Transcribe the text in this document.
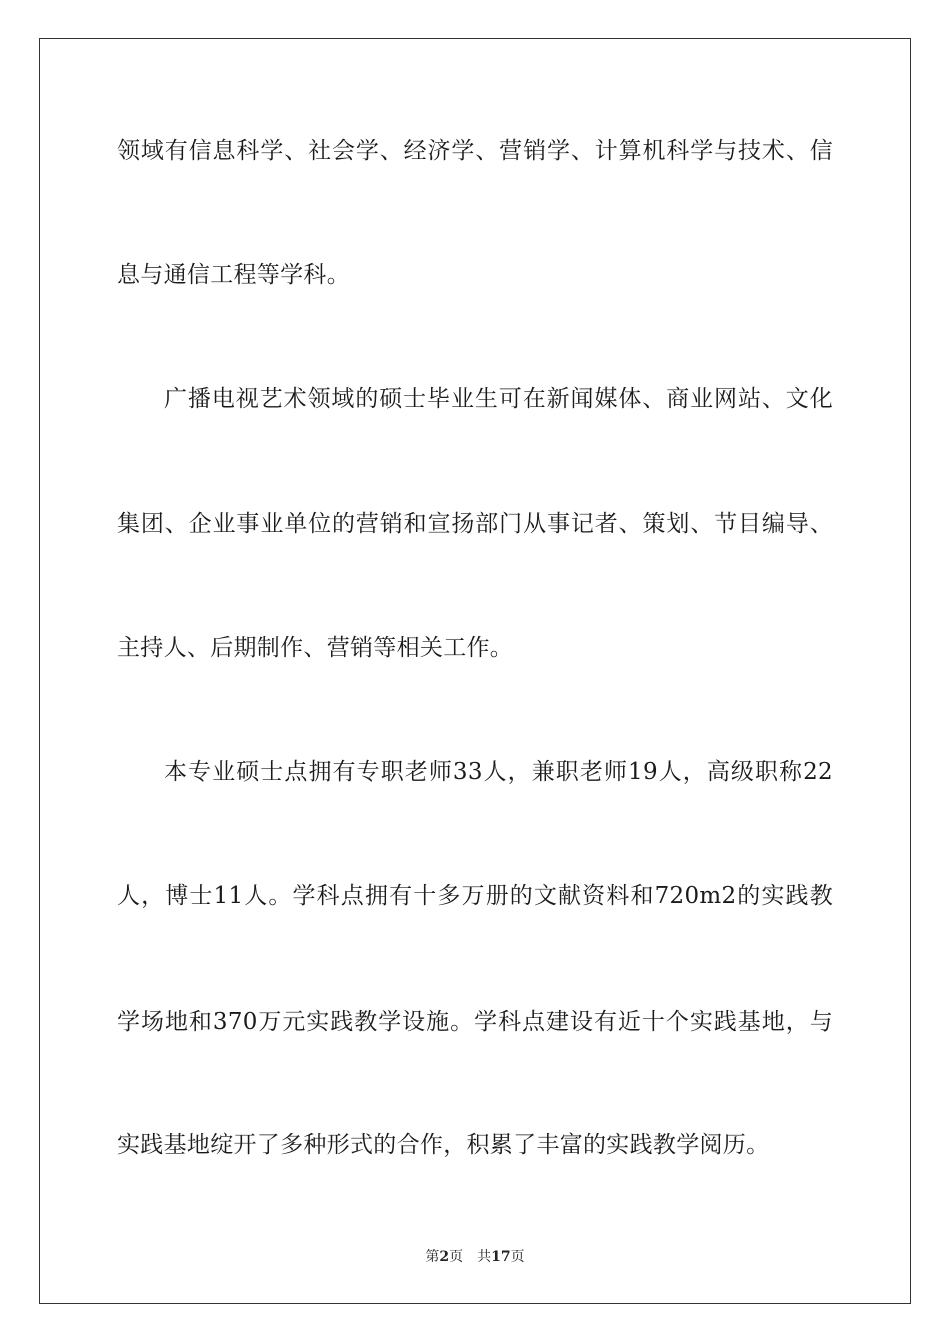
领域有信息科学、社会学、经济学、营销学、计算机科学与技术、信
息与通信工程等学科。
广播电视艺术领域的硕士毕业生可在新闻媒体、商业网站、文化
集团、企业事业单位的营销和宣扬部门从事记者、策划、节目编导、
主持人、后期制作、营销等相关工作。
本专业硕士点拥有专职老师33人，兼职老师19人，高级职称22
人，博士11人。学科点拥有十多万册的文献资料和720m2的实践教
学场地和370万元实践教学设施。学科点建设有近十个实践基地，与
实践基地绽开了多种形式的合作，积累了丰富的实践教学阅历。
第2页 共17页
